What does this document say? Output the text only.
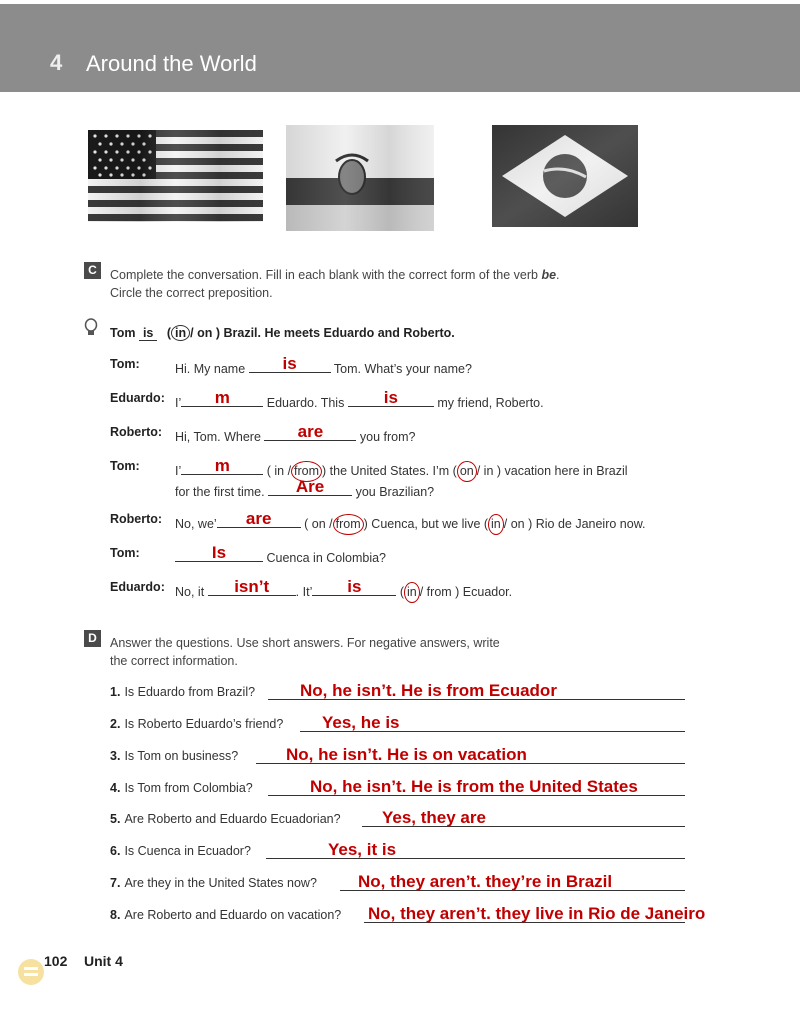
4 Around the World
C	Complete the conversation. Fill in each blank with the correct form of the verb be.
Circle the correct preposition.
Tom is ( in / on ) Brazil. He meets Eduardo and Roberto.
Tom:	Hi. My name	is	Tom. What’s your name?
Eduardo: I’	m	Eduardo. This	is	my friend, Roberto.
Roberto: Hi, Tom. Where	are	you from?
Tom:	I’	m	( in / from ) the United States. I’m ( on / in ) vacation here in Brazil
for the first time.	Are	you Brazilian?
Roberto: No, we’	are	( on / from ) Cuenca, but we live ( in / on ) Rio de Janeiro now.
Tom:	Is	Cuenca in Colombia?
Eduardo: No, it	isn’t	. It’	is	( in / from ) Ecuador.
D	Answer the questions. Use short answers. For negative answers, write
the correct information.
1. Is Eduardo from Brazil?	No, he isn’t. He is from Ecuador
2. Is Roberto Eduardo’s friend? Yes, he is
3. Is Tom on business?	No, he isn’t. He is on vacation
4. Is Tom from Colombia?	No, he isn’t. He is from the United States
5. Are Roberto and Eduardo Ecuadorian? Yes, they are
6. Is Cuenca in Ecuador?	Yes, it is
7. Are they in the United States now? No, they aren’t. they’re in Brazil
8. Are Roberto and Eduardo on vacation? No, they aren’t. they live in Rio de Janeiro
102 Unit 4
